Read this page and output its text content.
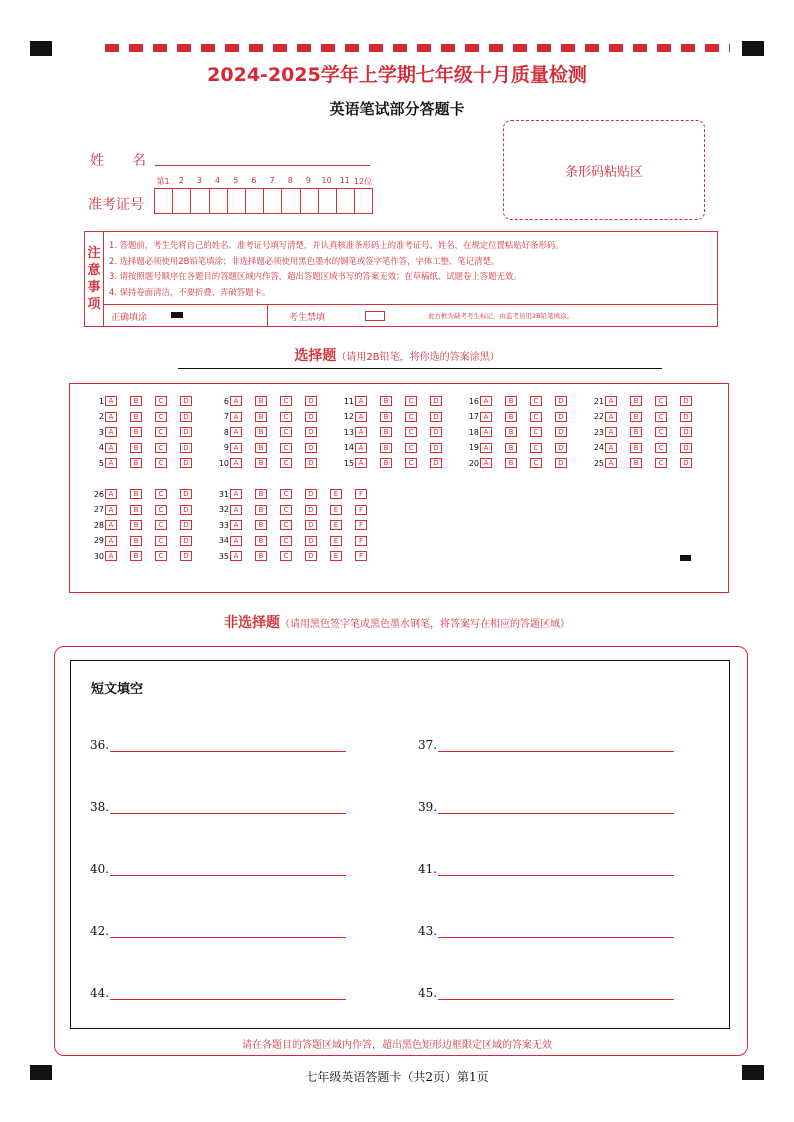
2024-2025学年上学期七年级十月质量检测
英语笔试部分答题卡
条形码粘贴区
姓　　名
第1	2	3	4	5	6	7	8	9	10 11 12位
准考证号
注
意
事
项
1. 答题前，考生先将自己的姓名、准考证号填写清楚，并认真核准条形码上的准考证号、姓名，在规定位置粘贴好条形码。
2. 选择题必须使用2B铅笔填涂；非选择题必须使用黑色墨水的钢笔或签字笔作答，字体工整、笔记清楚。
3. 请按照题号顺序在各题目的答题区域内作答，超出答题区域书写的答案无效；在草稿纸、试题卷上答题无效。
4. 保持卷面清洁，不要折叠、弄破答题卡。
正确填涂	考生禁填	此方框为缺考考生标记，由监考员用2B铅笔填涂。
选择题（请用2B铅笔，将你选的答案涂黑）
1 A	B	C	D
2 A	B	C	D
3 A	B	C	D
4 A	B	C	D
5 A	B	C	D
6 A	B	C	D
7 A	B	C	D
8 A	B	C	D
9 A	B	C	D
10 A	B	C	D
11 A	B	C	D
12 A	B	C	D
13 A	B	C	D
14 A	B	C	D
15 A	B	C	D
16 A	B	C	D
17 A	B	C	D
18 A	B	C	D
19 A	B	C	D
20 A	B	C	D
21 A	B	C	D
22 A	B	C	D
23 A	B	C	D
24 A	B	C	D
25 A	B	C	D
26 A	B	C	D
27 A	B	C	D
28 A	B	C	D
29 A	B	C	D
30 A	B	C	D
31 A	B	C	D	E	F
32 A	B	C	D	E	F
33 A	B	C	D	E	F
34 A	B	C	D	E	F
35 A	B	C	D	E	F
非选择题（请用黑色签字笔或黑色墨水钢笔，将答案写在相应的答题区域）
短文填空
36.	37.
38.	39.
40.	41.
42.	43.
44.	45.
请在各题目的答题区域内作答，超出黑色矩形边框限定区域的答案无效
七年级英语答题卡（共2页）第1页
